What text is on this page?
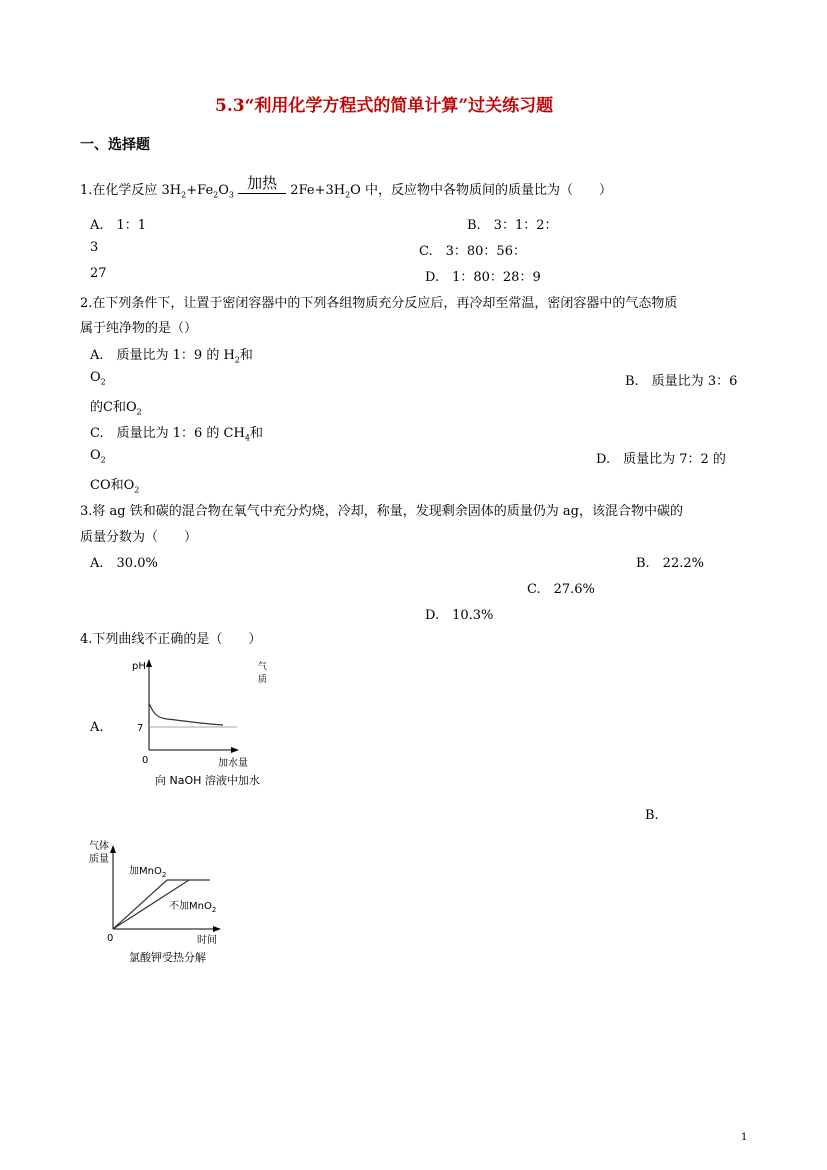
5.3“利用化学方程式的简单计算”过关练习题
一、选择题
1.在化学反应 $3H_2+Fe_2O_3$ 加热 $2Fe+3H_2O$ 中，反应物中各物质间的质量比为（　　）
A.　1：1	B.　3：1：2：
3	C.　3：80：56：
27	D.　1：80：28：9
2.在下列条件下，让置于密闭容器中的下列各组物质充分反应后，再冷却至常温，密闭容器中的气态物质
属于纯净物的是（）
A.　质量比为 1：9 的 $H_2$和
$O_2$	B.　质量比为 3：6
的C和$O_2$
C.　质量比为 1：6 的 $CH_4$和
$O_2$	D.　质量比为 7：2 的
CO和$O_2$
3.将 ag 铁和碳的混合物在氧气中充分灼烧，冷却，称量，发现剩余固体的质量仍为 ag，该混合物中碳的
质量分数为（　　）
A.　30.0%	B.　22.2%
C.　27.6%
D.　10.3%
4.下列曲线不正确的是（　　）
A.
pH
7
0	加水量
向 NaOH 溶液中加水
气
质
B.
气体
质量
加MnO$_2$
不加MnO$_2$
0	时间
氯酸钾受热分解
1
